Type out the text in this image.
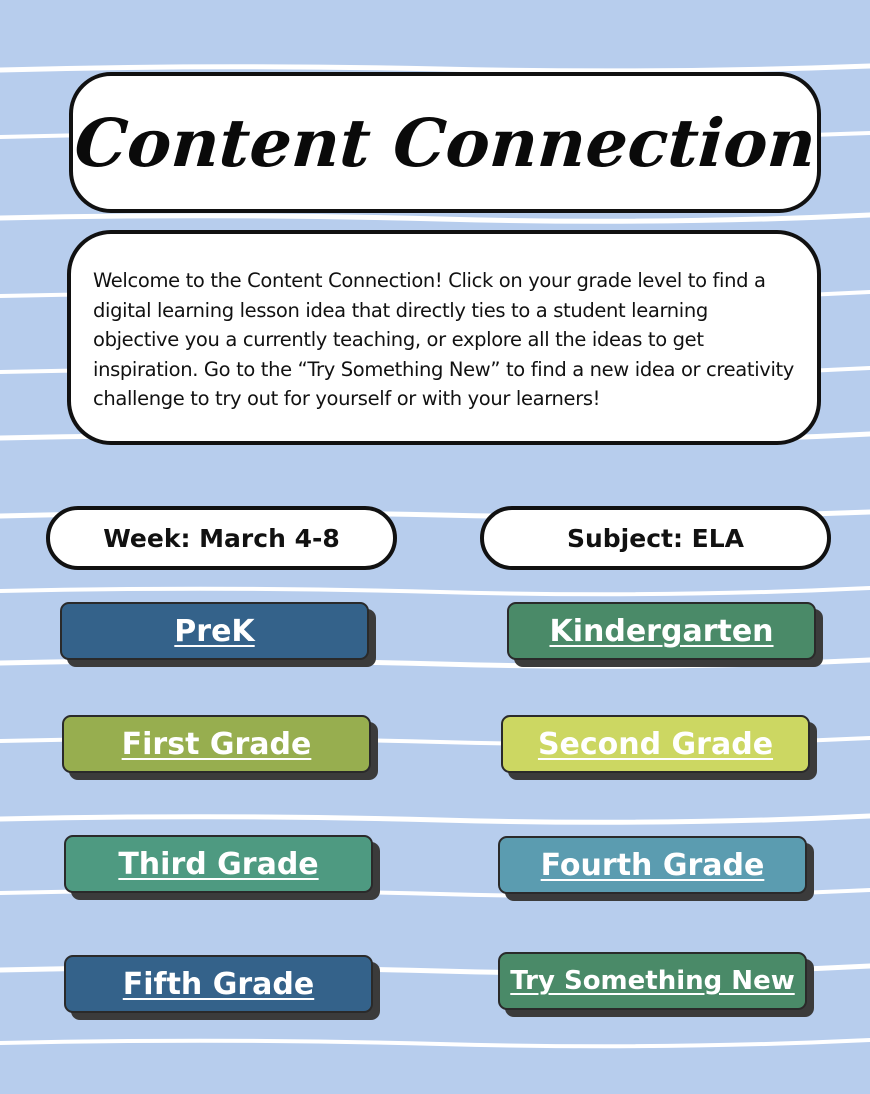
Content Connection

Welcome to the Content Connection! Click on your grade level to find a digital learning lesson idea that directly ties to a student learning objective you a currently teaching, or explore all the ideas to get inspiration. Go to the “Try Something New” to find a new idea or creativity challenge to try out for yourself or with your learners!

Week: March 4-8	Subject: ELA
PreK	Kindergarten
First Grade	Second Grade
Third Grade	Fourth Grade
Fifth Grade	Try Something New
